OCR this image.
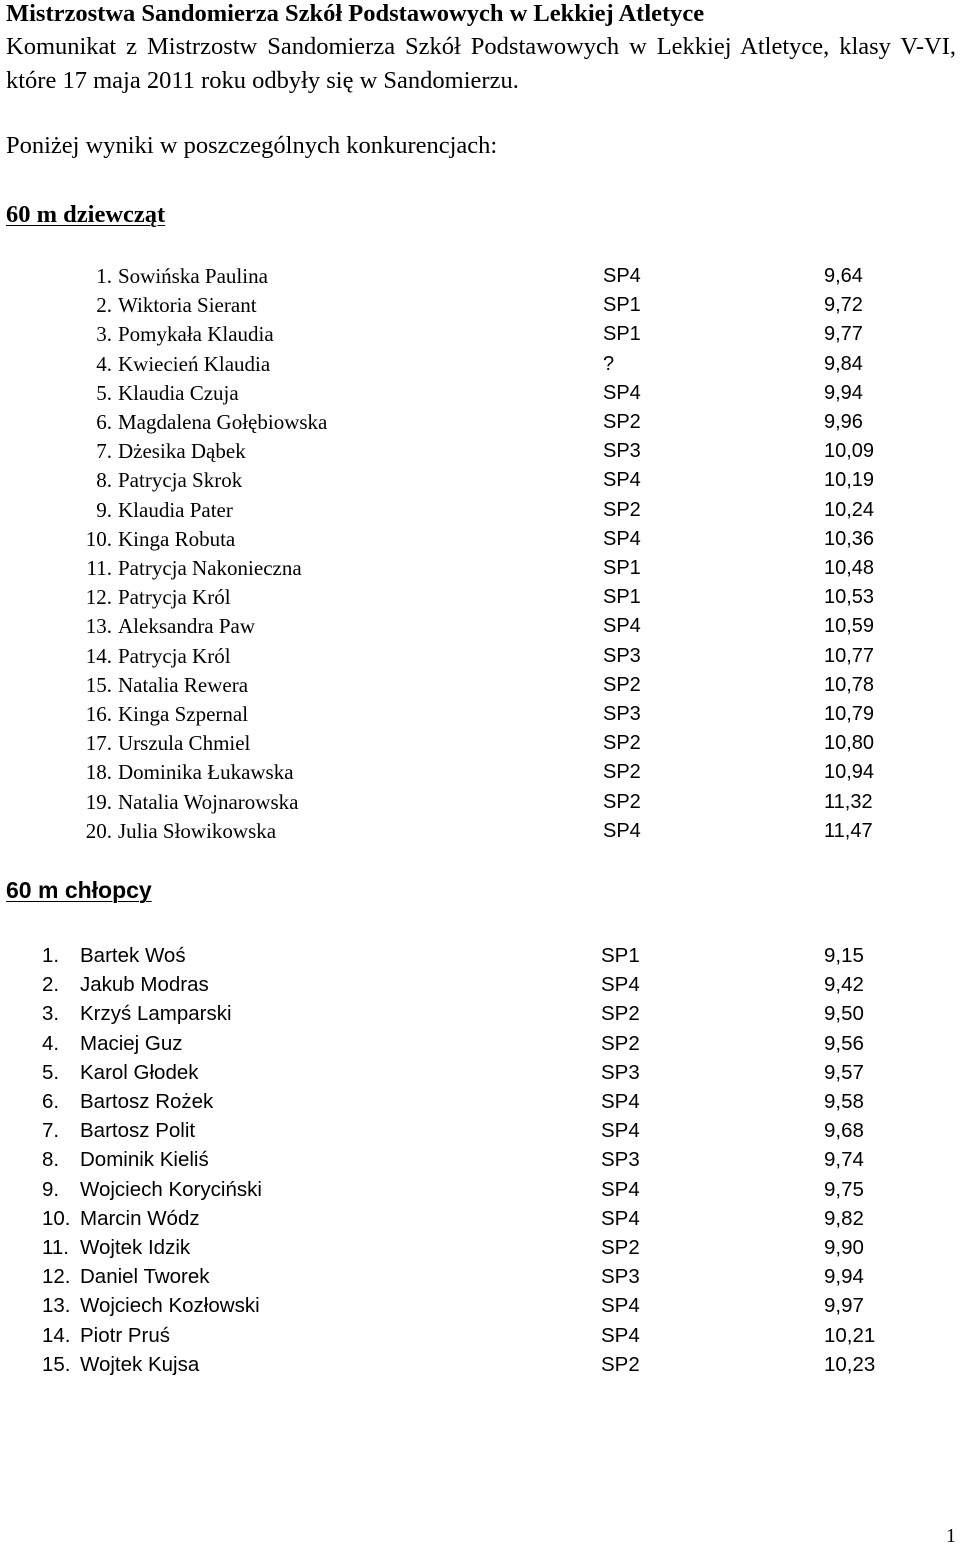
Mistrzostwa Sandomierza Szkół Podstawowych w Lekkiej Atletyce

Komunikat z Mistrzostw Sandomierza Szkół Podstawowych w Lekkiej Atletyce, klasy V-VI, które 17 maja 2011 roku odbyły się w Sandomierzu.

Poniżej wyniki w poszczególnych konkurencjach:

60 m dziewcząt
1. Sowińska Paulina	SP4	9,64
2. Wiktoria Sierant	SP1	9,72
3. Pomykała Klaudia	SP1	9,77
4. Kwiecień Klaudia	?	9,84
5. Klaudia Czuja	SP4	9,94
6. Magdalena Gołębiowska	SP2	9,96
7. Dżesika Dąbek	SP3	10,09
8. Patrycja Skrok	SP4	10,19
9. Klaudia Pater	SP2	10,24
10. Kinga Robuta	SP4	10,36
11. Patrycja Nakonieczna	SP1	10,48
12. Patrycja Król	SP1	10,53
13. Aleksandra Paw	SP4	10,59
14. Patrycja Król	SP3	10,77
15. Natalia Rewera	SP2	10,78
16. Kinga Szpernal	SP3	10,79
17. Urszula Chmiel	SP2	10,80
18. Dominika Łukawska	SP2	10,94
19. Natalia Wojnarowska	SP2	11,32
20. Julia Słowikowska	SP4	11,47
60 m chłopcy
1. Bartek Woś	SP1	9,15
2. Jakub Modras	SP4	9,42
3. Krzyś Lamparski	SP2	9,50
4. Maciej Guz	SP2	9,56
5. Karol Głodek	SP3	9,57
6. Bartosz Rożek	SP4	9,58
7. Bartosz Polit	SP4	9,68
8. Dominik Kieliś	SP3	9,74
9. Wojciech Koryciński	SP4	9,75
10. Marcin Wódz	SP4	9,82
11. Wojtek Idzik	SP2	9,90
12. Daniel Tworek	SP3	9,94
13. Wojciech Kozłowski	SP4	9,97
14. Piotr Pruś	SP4	10,21
15. Wojtek Kujsa	SP2	10,23
1
